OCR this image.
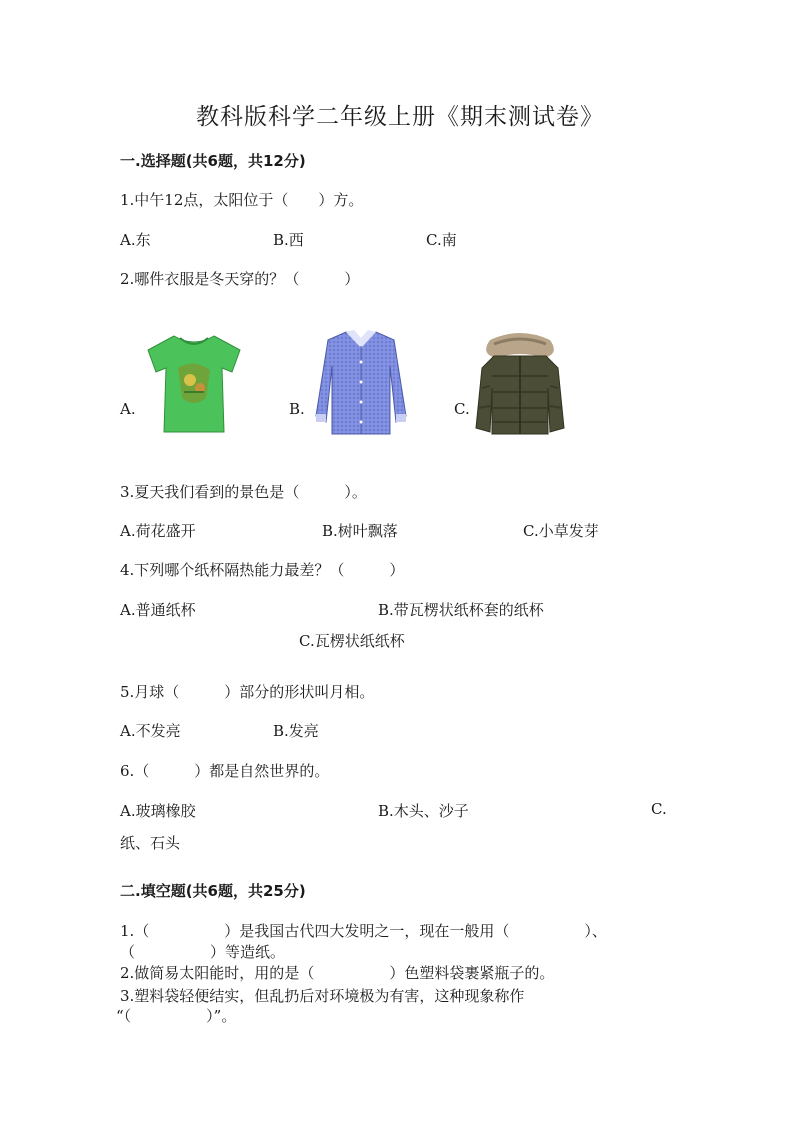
教科版科学二年级上册《期末测试卷》
一.选择题(共6题，共12分)
1.中午12点，太阳位于（　　）方。
A.东	B.西	C.南
2.哪件衣服是冬天穿的？（　　　）
A.	B.	C.
3.夏天我们看到的景色是（　　　）。
A.荷花盛开	B.树叶飘落	C.小草发芽
4.下列哪个纸杯隔热能力最差？（　　　）
A.普通纸杯	B.带瓦楞状纸杯套的纸杯
C.瓦楞状纸纸杯
5.月球（　　　）部分的形状叫月相。
A.不发亮	B.发亮
6.（　　　）都是自然世界的。
A.玻璃橡胶	B.木头、沙子	C.
纸、石头
二.填空题(共6题，共25分)
1.（　　　　　）是我国古代四大发明之一，现在一般用（　　　　　）、
（　　　　　）等造纸。
2.做简易太阳能时，用的是（　　　　　）色塑料袋裹紧瓶子的。
3.塑料袋轻便结实，但乱扔后对环境极为有害，这种现象称作
“（　　　　　）”。
